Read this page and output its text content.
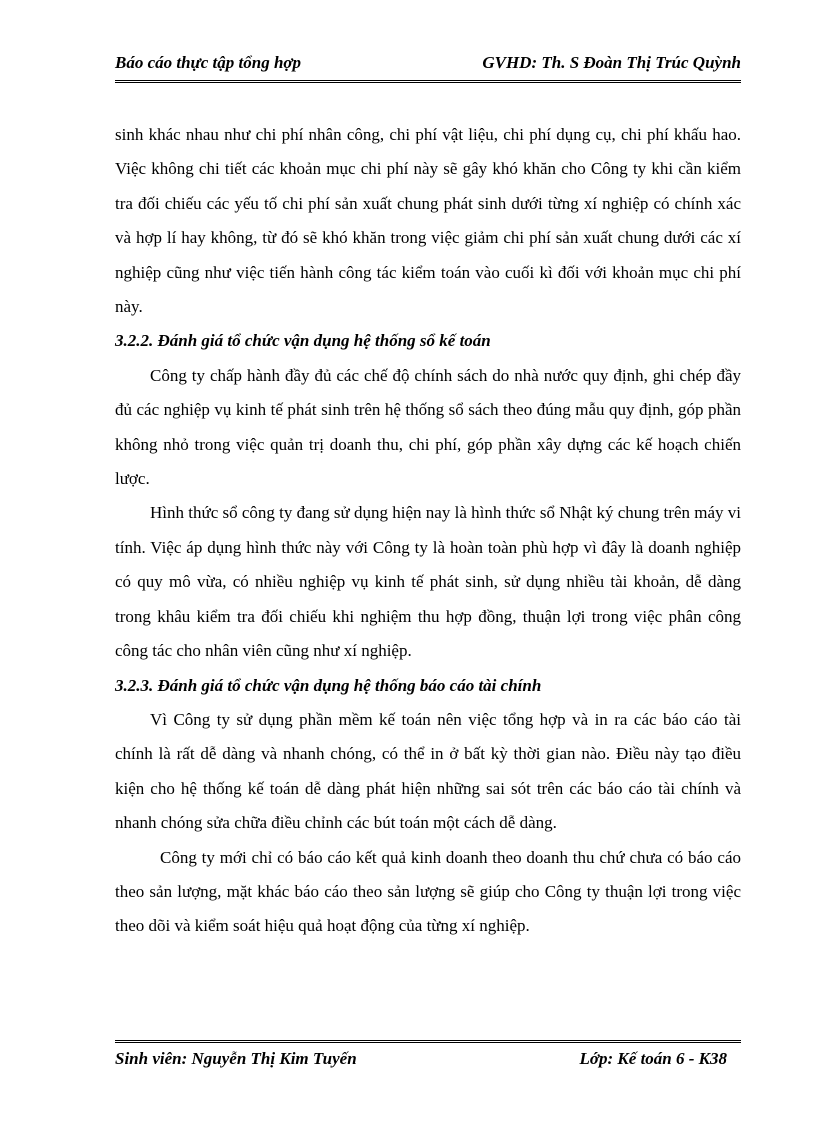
Báo cáo thực tập tổng hợp	GVHD: Th. S Đoàn Thị Trúc Quỳnh

sinh khác nhau như chi phí nhân công, chi phí vật liệu, chi phí dụng cụ, chi phí khấu hao. Việc không chi tiết các khoản mục chi phí này sẽ gây khó khăn cho Công ty khi cần kiểm tra đối chiếu các yếu tố chi phí sản xuất chung phát sinh dưới từng xí nghiệp có chính xác và hợp lí hay không, từ đó sẽ khó khăn trong việc giảm chi phí sản xuất chung dưới các xí nghiệp cũng như việc tiến hành công tác kiểm toán vào cuối kì đối với khoản mục chi phí này.

3.2.2. Đánh giá tổ chức vận dụng hệ thống sổ kế toán

Công ty chấp hành đầy đủ các chế độ chính sách do nhà nước quy định, ghi chép đầy đủ các nghiệp vụ kinh tế phát sinh trên hệ thống sổ sách theo đúng mẫu quy định, góp phần không nhỏ trong việc quản trị doanh thu, chi phí, góp phần xây dựng các kế hoạch chiến lược.

Hình thức sổ công ty đang sử dụng hiện nay là hình thức sổ Nhật ký chung trên máy vi tính. Việc áp dụng hình thức này với Công ty là hoàn toàn phù hợp vì đây là doanh nghiệp có quy mô vừa, có nhiều nghiệp vụ kinh tế phát sinh, sử dụng nhiều tài khoản, dễ dàng trong khâu kiểm tra đối chiếu khi nghiệm thu hợp đồng, thuận lợi trong việc phân công công tác cho nhân viên cũng như xí nghiệp.

3.2.3. Đánh giá tổ chức vận dụng hệ thống báo cáo tài chính

Vì Công ty sử dụng phần mềm kế toán nên việc tổng hợp và in ra các báo cáo tài chính là rất dễ dàng và nhanh chóng, có thể in ở bất kỳ thời gian nào. Điều này tạo điều kiện cho hệ thống kế toán dễ dàng phát hiện những sai sót trên các báo cáo tài chính và nhanh chóng sửa chữa điều chỉnh các bút toán một cách dễ dàng.

Công ty mới chỉ có báo cáo kết quả kinh doanh theo doanh thu chứ chưa có báo cáo theo sản lượng, mặt khác báo cáo theo sản lượng sẽ giúp cho Công ty thuận lợi trong việc theo dõi và kiểm soát hiệu quả hoạt động của từng xí nghiệp.

Sinh viên: Nguyễn Thị Kim Tuyến	Lớp: Kế toán 6 - K38
